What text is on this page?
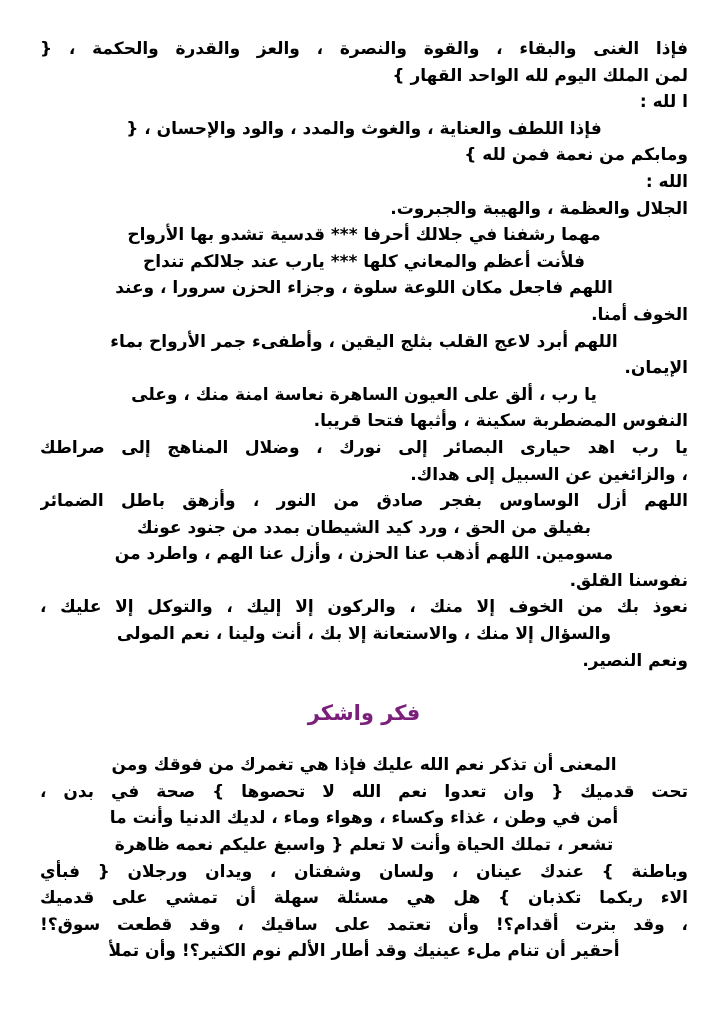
فإذا الغنى والبقاء ، والقوة والنصرة ، والعز والقدرة والحكمة ، {
لمن الملك اليوم لله الواحد القهار }
ا لله :
فإذا اللطف والعناية ، والغوث والمدد ، والود والإحسان ، {
ومابكم من نعمة فمن لله }
الله :
الجلال والعظمة ، والهيبة والجبروت.
مهما رشفنا في جلالك أحرفا *** قدسية تشدو بها الأرواح
فلأنت أعظم والمعاني كلها *** يارب عند جلالكم تنداح
اللهم فاجعل مكان اللوعة سلوة ، وجزاء الحزن سرورا ، وعند
الخوف أمنا.
اللهم أبرد لاعج القلب بثلج اليقين ، وأطفىء جمر الأرواح بماء
الإيمان.
يا رب ، ألق على العيون الساهرة نعاسة امنة منك ، وعلى
النفوس المضطربة سكينة ، وأثبها فتحا قريبا.
يا رب اهد حيارى البصائر إلى نورك ، وضلال المناهج إلى صراطك
، والزائغين عن السبيل إلى هداك.
اللهم أزل الوساوس بفجر صادق من النور ، وأزهق باطل الضمائر
بفيلق من الحق ، ورد كيد الشيطان بمدد من جنود عونك
مسومين. اللهم أذهب عنا الحزن ، وأزل عنا الهم ، واطرد من
نفوسنا القلق.
نعوذ بك من الخوف إلا منك ، والركون إلا إليك ، والتوكل إلا عليك ،
والسؤال إلا منك ، والاستعانة إلا بك ، أنت ولينا ، نعم المولى
ونعم النصير.
فكر واشكر
المعنى أن تذكر نعم الله عليك فإذا هي تغمرك من فوقك ومن
تحت قدميك { وان تعدوا نعم الله لا تحصوها } صحة في بدن ،
أمن في وطن ، غذاء وكساء ، وهواء وماء ، لديك الدنيا وأنت ما
تشعر ، تملك الحياة وأنت لا تعلم { واسبغ عليكم نعمه ظاهرة
وباطنة } عندك عينان ، ولسان وشفتان ، ويدان ورجلان { فبأي
الاء ربكما تكذبان } هل هي مسئلة سهلة أن تمشي على قدميك
، وقد بترت أقدام؟! وأن تعتمد على ساقيك ، وقد قطعت سوق؟!
أحقير أن تنام ملء عينيك وقد أطار الألم نوم الكثير؟! وأن تملأ
